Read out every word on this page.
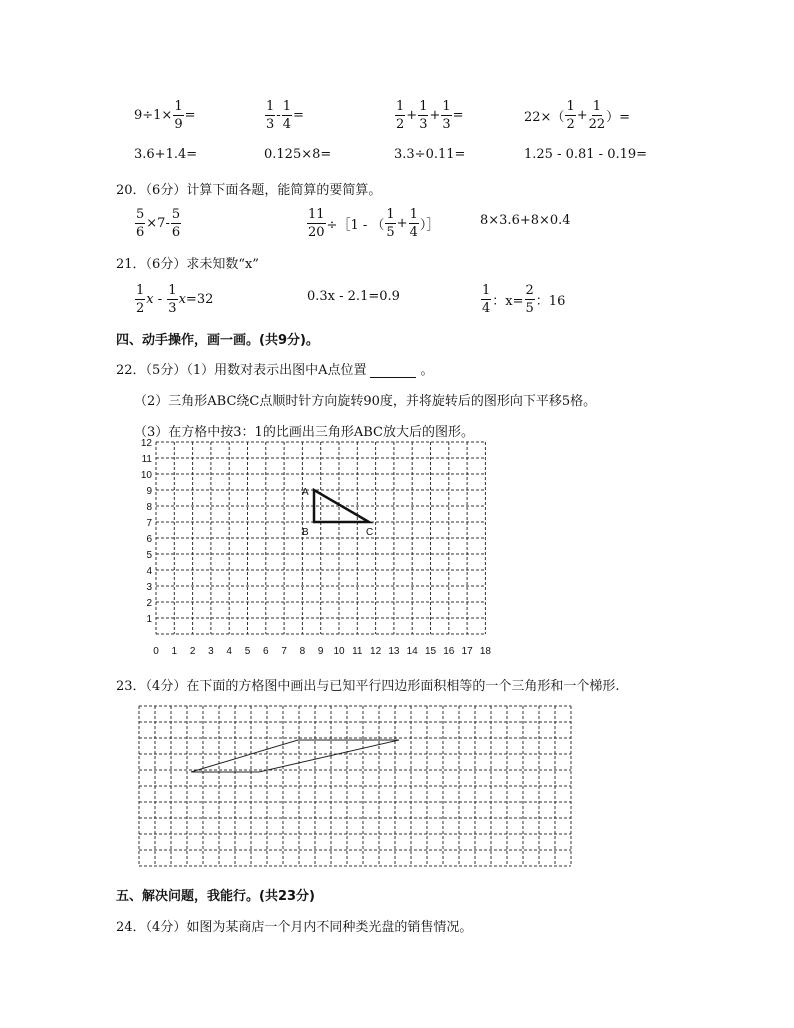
$9\div 1\times \frac{1}{9}$ =	$\frac{1}{3} - \frac{1}{4}$ =	$\frac{1}{2} + \frac{1}{3} + \frac{1}{3}$ =	$22\times( \frac{1}{2} + \frac{1}{22}$ ）=
3.6+1.4=	0.125×8=	3.3÷0.11=	1.25 - 0.81 - 0.19=
20．（6分）计算下面各题，能简算的要简算。
$\frac{5}{6} \times 7- \frac{5}{6}$	$\frac{11}{20}$ ÷［1 - （ $\frac{1}{5} + \frac{1}{4}$ ）］	8×3.6+8×0.4
21．（6分）求未知数“x”
$\frac{1}{2}$ x - $\frac{1}{3}$ x =32	0.3x - 2.1=0.9	$\frac{1}{4}$ ：$x= \frac{2}{5}$ ：16
四、动手操作，画一画。(共9分)。
22．（5分）（1）用数对表示出图中A点位置	。
（2）三角形ABC绕C点顺时针方向旋转90度，并将旋转后的图形向下平移5格。
（3）在方格中按3：1的比画出三角形ABC放大后的图形。
A
B	C
0 1 2 3 4 5 6 7 8 9 10 11 12 13 14 15 16 17 18
1
2
3
4
5
6
7
8
9
10
11
12
23．（4分）在下面的方格图中画出与已知平行四边形面积相等的一个三角形和一个梯形.
五、解决问题，我能行。(共23分)
24．（4分）如图为某商店一个月内不同种类光盘的销售情况。
